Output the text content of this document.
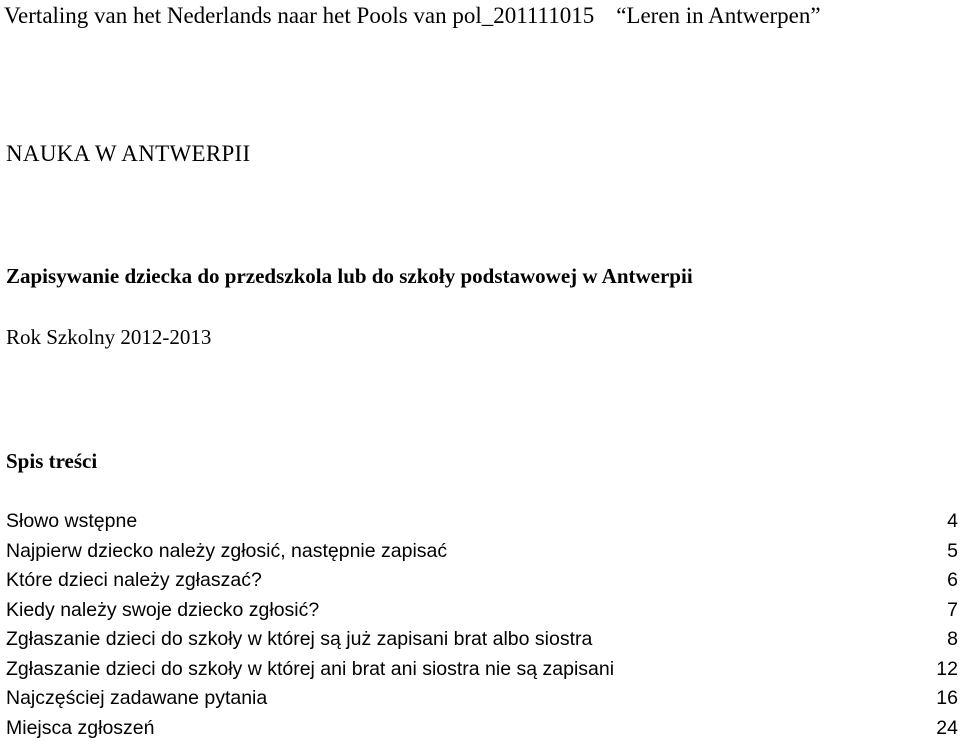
Vertaling van het Nederlands naar het Pools van pol_201111015 “Leren in Antwerpen”
NAUKA W ANTWERPII
Zapisywanie dziecka do przedszkola lub do szkoły podstawowej w Antwerpii
Rok Szkolny 2012-2013
Spis treści
Słowo wstępne	4
Najpierw dziecko należy zgłosić, następnie zapisać	5
Które dzieci należy zgłaszać?	6
Kiedy należy swoje dziecko zgłosić?	7
Zgłaszanie dzieci do szkoły w której są już zapisani brat albo siostra	8
Zgłaszanie dzieci do szkoły w której ani brat ani siostra nie są zapisani	12
Najczęściej zadawane pytania	16
Miejsca zgłoszeń	24
